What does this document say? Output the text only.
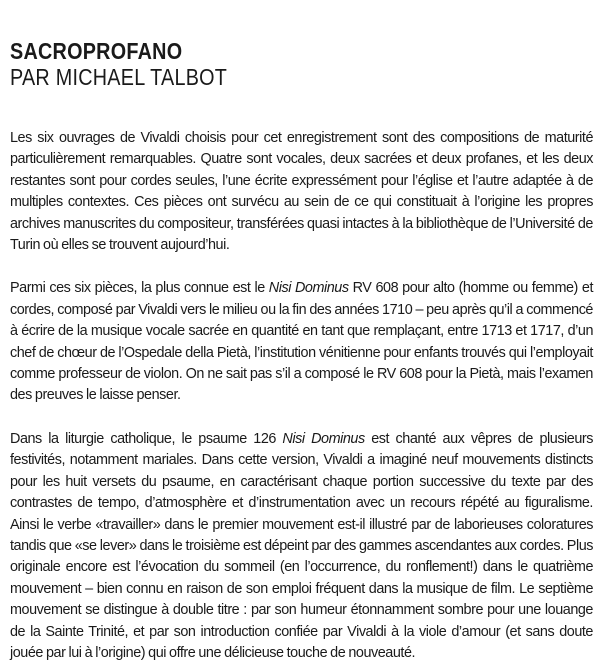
SACROPROFANO
PAR MICHAEL TALBOT

Les six ouvrages de Vivaldi choisis pour cet enregistrement sont des compositions de maturité particulièrement remarquables. Quatre sont vocales, deux sacrées et deux profanes, et les deux restantes sont pour cordes seules, l’une écrite expressément pour l’église et l’autre adaptée à de multiples contextes. Ces pièces ont survécu au sein de ce qui constituait à l’origine les propres archives manuscrites du compositeur, transférées quasi intactes à la bibliothèque de l’Université de Turin où elles se trouvent aujourd’hui.

Parmi ces six pièces, la plus connue est le Nisi Dominus RV 608 pour alto (homme ou femme) et cordes, composé par Vivaldi vers le milieu ou la fin des années 1710 – peu après qu’il a commencé à écrire de la musique vocale sacrée en quantité en tant que remplaçant, entre 1713 et 1717, d’un chef de chœur de l’Ospedale della Pietà, l’institution vénitienne pour enfants trouvés qui l’employait comme professeur de violon. On ne sait pas s’il a composé le RV 608 pour la Pietà, mais l’examen des preuves le laisse penser.

Dans la liturgie catholique, le psaume 126 Nisi Dominus est chanté aux vêpres de plusieurs festivités, notamment mariales. Dans cette version, Vivaldi a imaginé neuf mouvements distincts pour les huit versets du psaume, en caractérisant chaque portion successive du texte par des contrastes de tempo, d’atmosphère et d’instrumentation avec un recours répété au figuralisme. Ainsi le verbe «travailler» dans le premier mouvement est-il illustré par de laborieuses coloratures tandis que «se lever» dans le troisième est dépeint par des gammes ascendantes aux cordes. Plus originale encore est l’évocation du sommeil (en l’occurrence, du ronflement!) dans le quatrième mouvement – bien connu en raison de son emploi fréquent dans la musique de film. Le septième mouvement se distingue à double titre : par son humeur étonnamment sombre pour une louange de la Sainte Trinité, et par son introduction confiée par Vivaldi à la viole d’amour (et sans doute jouée par lui à l’origine) qui offre une délicieuse touche de nouveauté.
